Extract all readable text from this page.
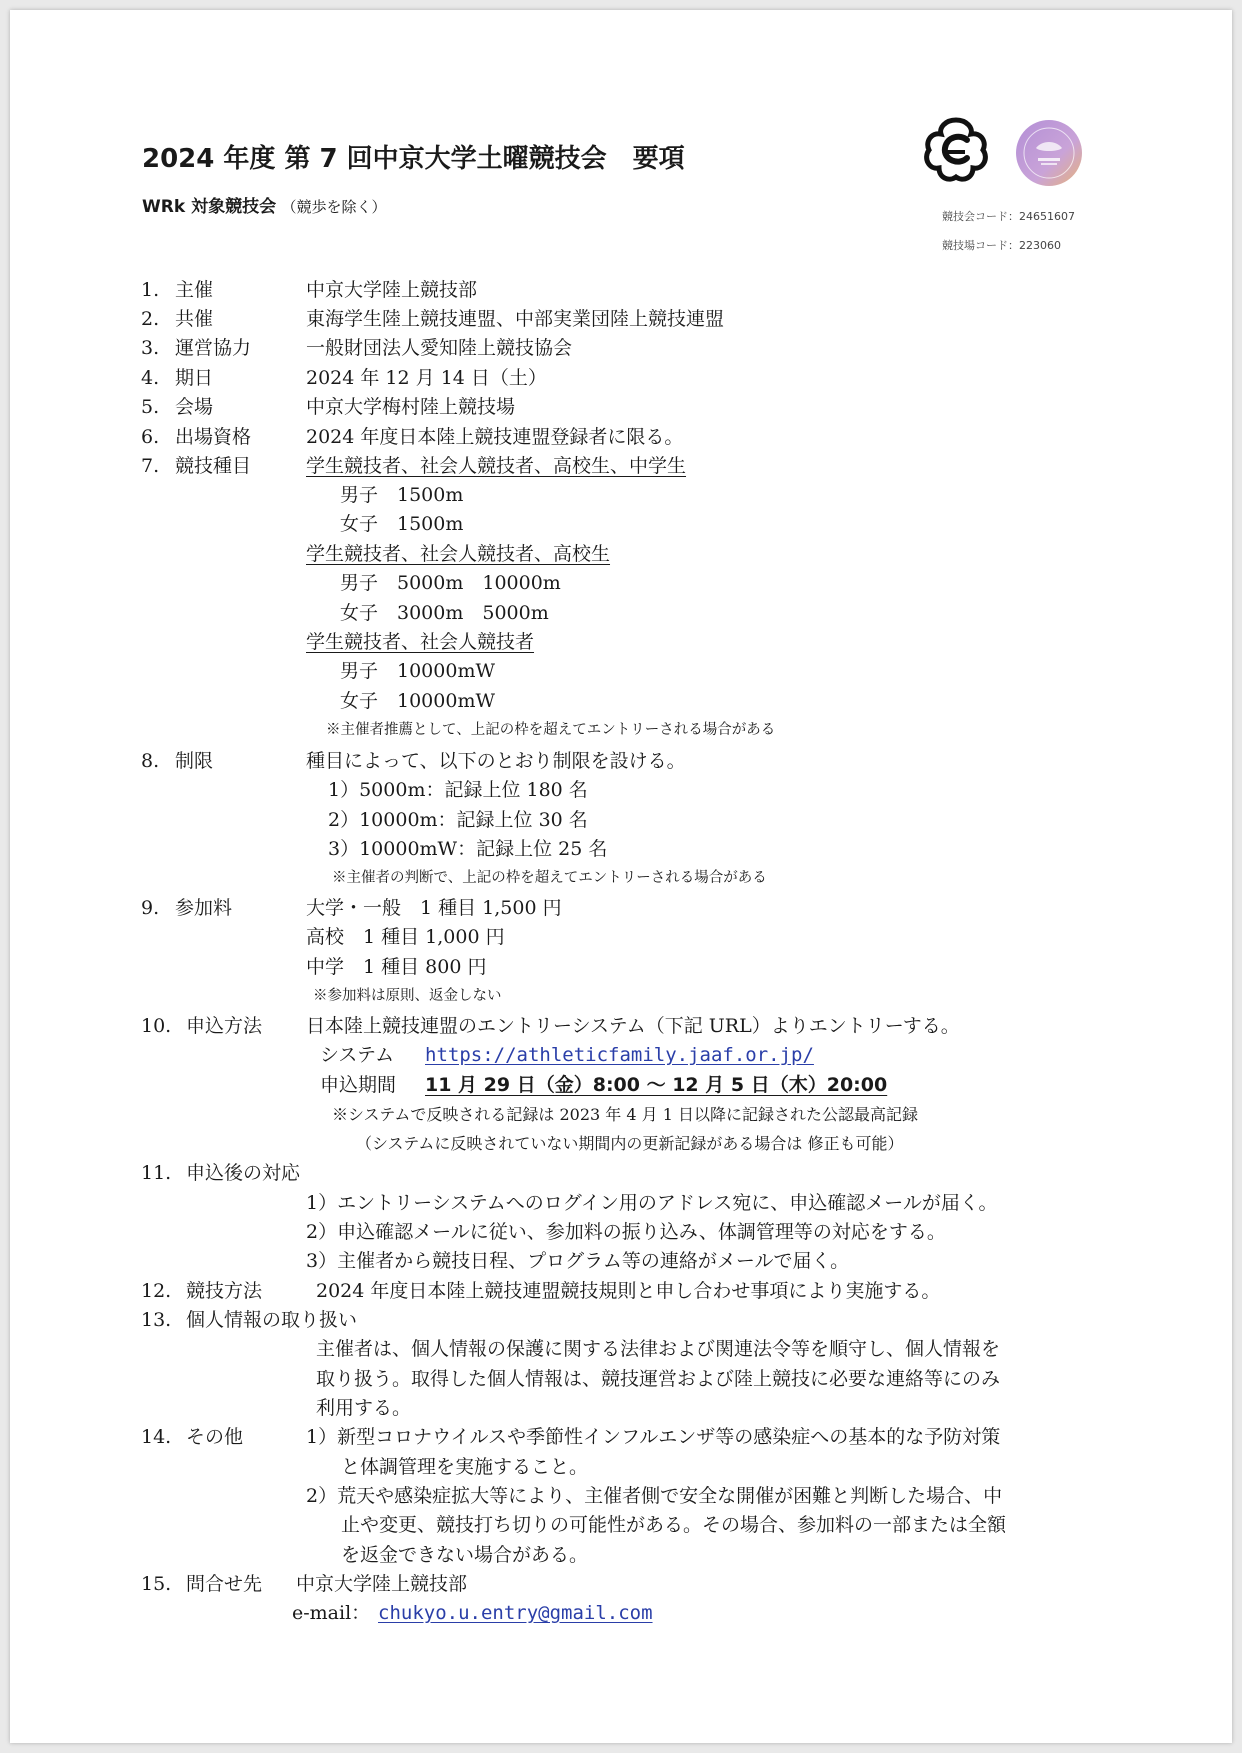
2024 年度 第 7 回中京大学土曜競技会　要項
WRk 対象競技会 （競歩を除く）
競技会コード：24651607
競技場コード：223060
1. 主催	中京大学陸上競技部
2. 共催	東海学生陸上競技連盟、中部実業団陸上競技連盟
3. 運営協力	一般財団法人愛知陸上競技協会
4. 期日	2024 年 12 月 14 日（土）
5. 会場	中京大学梅村陸上競技場
6. 出場資格	2024 年度日本陸上競技連盟登録者に限る。
7. 競技種目	学生競技者、社会人競技者、高校生、中学生
男子　1500m
女子　1500m
学生競技者、社会人競技者、高校生
男子　5000m　10000m
女子　3000m　5000m
学生競技者、社会人競技者
男子　10000mW
女子　10000mW
※主催者推薦として、上記の枠を超えてエントリーされる場合がある
8. 制限	種目によって、以下のとおり制限を設ける。
1）5000m：記録上位 180 名
2）10000m：記録上位 30 名
3）10000mW：記録上位 25 名
※主催者の判断で、上記の枠を超えてエントリーされる場合がある
9. 参加料	大学・一般　1 種目 1,500 円
高校　1 種目 1,000 円
中学　1 種目 800 円
※参加料は原則、返金しない
10. 申込方法 日本陸上競技連盟のエントリーシステム（下記 URL）よりエントリーする。
システム https://athleticfamily.jaaf.or.jp/
申込期間 11 月 29 日（金）8:00 ～ 12 月 5 日（木）20:00
※システムで反映される記録は 2023 年 4 月 1 日以降に記録された公認最高記録
（システムに反映されていない期間内の更新記録がある場合は 修正も可能）
11. 申込後の対応
1）エントリーシステムへのログイン用のアドレス宛に、申込確認メールが届く。
2）申込確認メールに従い、参加料の振り込み、体調管理等の対応をする。
3）主催者から競技日程、プログラム等の連絡がメールで届く。
12. 競技方法	2024 年度日本陸上競技連盟競技規則と申し合わせ事項により実施する。
13. 個人情報の取り扱い
主催者は、個人情報の保護に関する法律および関連法令等を順守し、個人情報を
取り扱う。取得した個人情報は、競技運営および陸上競技に必要な連絡等にのみ
利用する。
14. その他	1）新型コロナウイルスや季節性インフルエンザ等の感染症への基本的な予防対策
と体調管理を実施すること。
2）荒天や感染症拡大等により、主催者側で安全な開催が困難と判断した場合、中
止や変更、競技打ち切りの可能性がある。その場合、参加料の一部または全額
を返金できない場合がある。
15. 問合せ先 中京大学陸上競技部
e-mail： chukyo.u.entry@gmail.com
